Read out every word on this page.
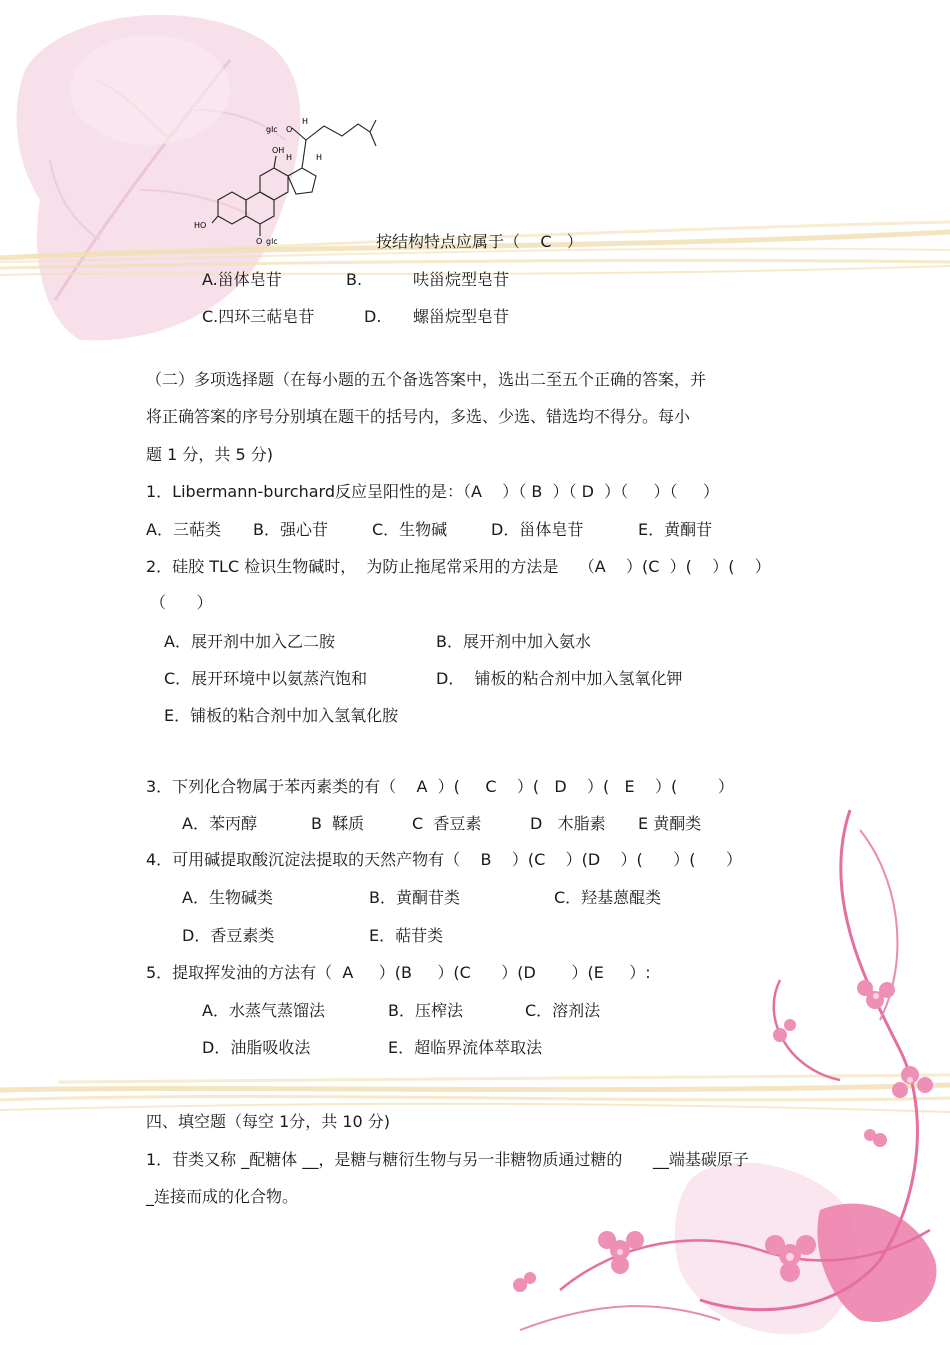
glc O
H
OH
H	H
HO
O glc	按结构特点应属于（    C   ）
A.甾体皂苷	B.	呋甾烷型皂苷
C.四环三萜皂苷	D. 螺甾烷型皂苷
（二）多项选择题（在每小题的五个备选答案中，选出二至五个正确的答案，并
将正确答案的序号分别填在题干的括号内，多选、少选、错选均不得分。每小
题 1 分，共 5 分)
1．Libermann-burchard反应呈阳性的是：（A    ）（ B  ）（ D  ）（     ）（     ）
A．三萜类 B．强心苷	C．生物碱	D．甾体皂苷	E．黄酮苷
2．硅胶 TLC 检识生物碱时，  为防止拖尾常采用的方法是    （A    ）(C  ）(    ）(    ）
（      ）
A．展开剂中加入乙二胺	B．展开剂中加入氨水
C．展开环境中以氨蒸汽饱和	D．  铺板的粘合剂中加入氢氧化钾
E．铺板的粘合剂中加入氢氧化胺
3．下列化合物属于苯丙素类的有（    A  ）(     C    ）(   D    ）(   E    ）(        ）
A．苯丙醇	B  鞣质	C  香豆素	D   木脂素 E 黄酮类
4．可用碱提取酸沉淀法提取的天然产物有（    B    ）(C    ）(D    ）(      ）(      ）
A．生物碱类	B．黄酮苷类	C．羟基蒽醌类
D．香豆素类	E．萜苷类
5．提取挥发油的方法有（  A     ）(B     ）(C      ）(D       ）(E     ）:
A．水蒸气蒸馏法	B．压榨法	C．溶剂法
D．油脂吸收法	E．超临界流体萃取法
四、填空题（每空 1分，共 10 分)
1．苷类又称 _配糖体 __，是糖与糖衍生物与另一非糖物质通过糖的      __端基碳原子
_连接而成的化合物。
